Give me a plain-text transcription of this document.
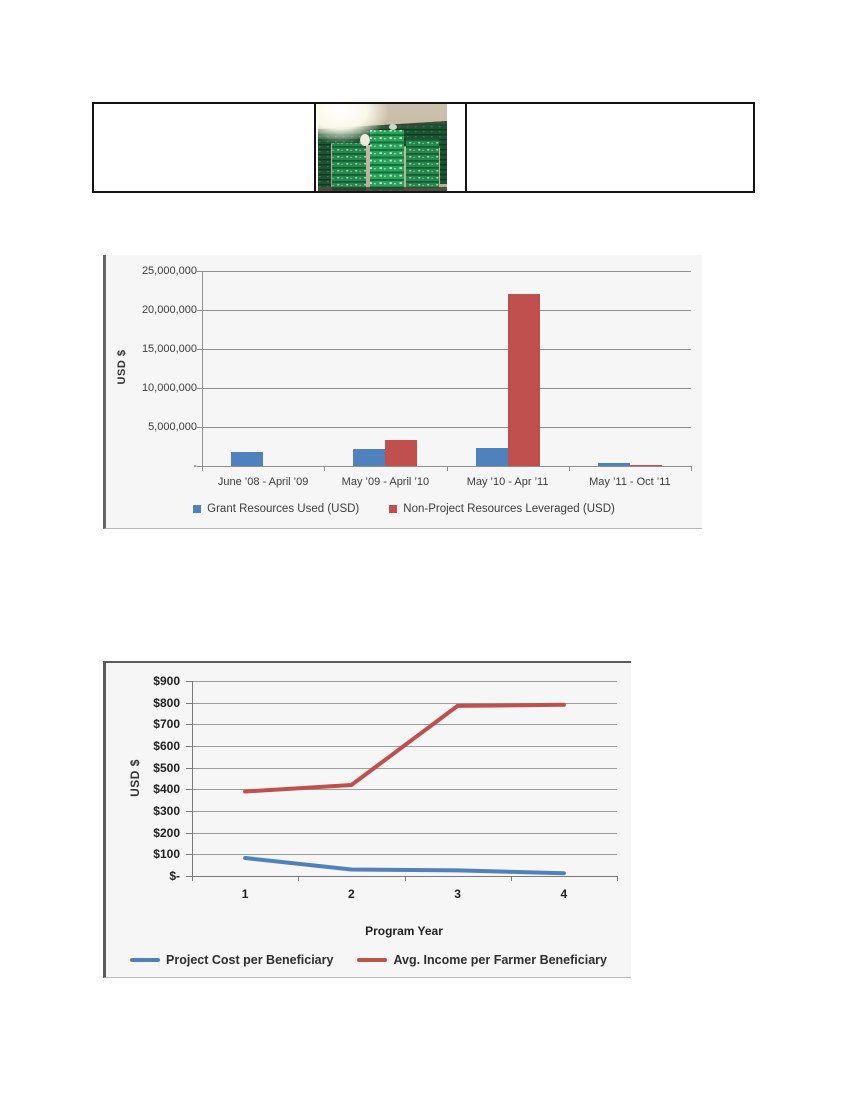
USD $
Grant Resources Used (USD)	Non-Project Resources Leveraged (USD)
25,000,000
20,000,000
15,000,000
10,000,000
5,000,000
-
June ’08 - April ’09	May ’09 - April ’10	May ’10 - Apr ’11	May ’11 - Oct ’11
USD $
Program Year
Project Cost per Beneficiary	Avg. Income per Farmer Beneficiary
$900
$800
$700
$600
$500
$400
$300
$200
$100
$-
1	2	3	4
